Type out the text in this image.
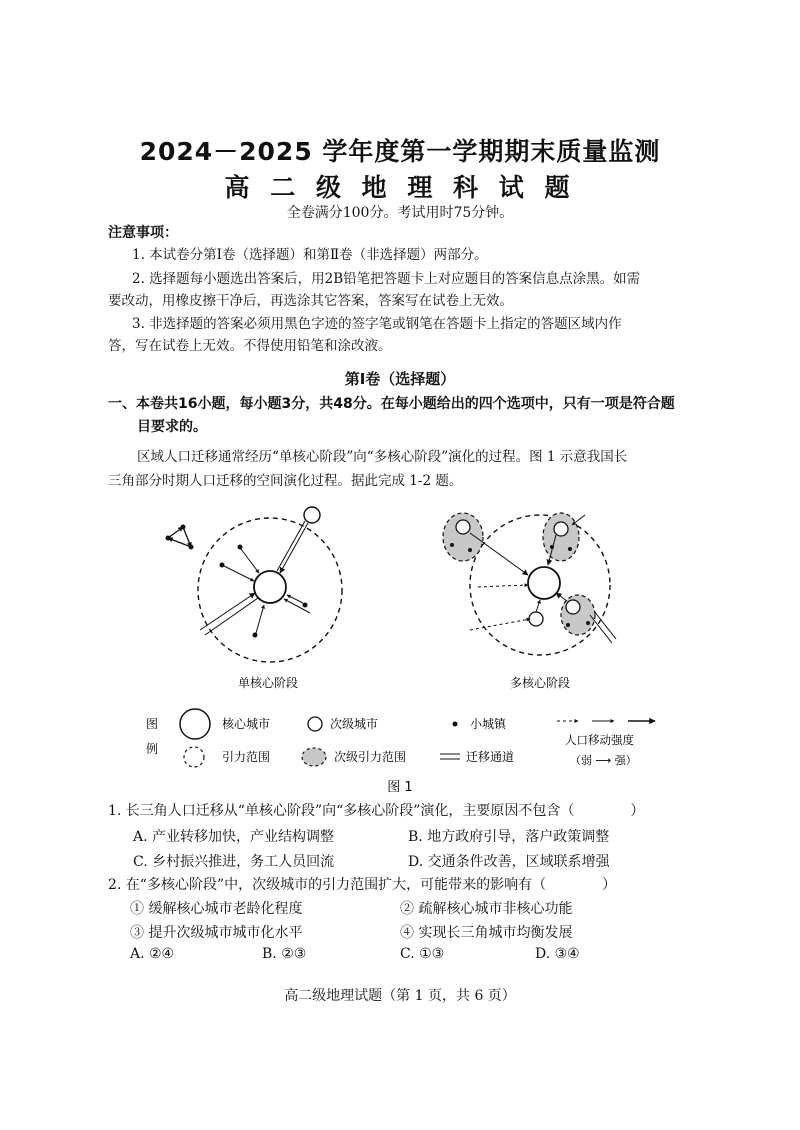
2024－2025 学年度第一学期期末质量监测
高 二 级 地 理 科 试 题
全卷满分100分。考试用时75分钟。
注意事项：
1. 本试卷分第Ⅰ卷（选择题）和第Ⅱ卷（非选择题）两部分。
2. 选择题每小题选出答案后，用2B铅笔把答题卡上对应题目的答案信息点涂黑。如需
要改动，用橡皮擦干净后，再选涂其它答案，答案写在试卷上无效。
3. 非选择题的答案必须用黑色字迹的签字笔或钢笔在答题卡上指定的答题区域内作
答，写在试卷上无效。不得使用铅笔和涂改液。
第Ⅰ卷（选择题）
一、本卷共16小题，每小题3分，共48分。在每小题给出的四个选项中，只有一项是符合题
目要求的。
区域人口迁移通常经历“单核心阶段”向“多核心阶段”演化的过程。图 1 示意我国长
三角部分时期人口迁移的空间演化过程。据此完成 1-2 题。
单核心阶段	多核心阶段
图
例
核心城市	次级城市	小城镇
人口移动强度
（弱 ⟶ 强）
引力范围	次级引力范围	迁移通道
图 1
1. 长三角人口迁移从“单核心阶段”向“多核心阶段”演化，主要原因不包含（　　　　）
A. 产业转移加快，产业结构调整	B. 地方政府引导，落户政策调整
C. 乡村振兴推进，务工人员回流	D. 交通条件改善，区域联系增强
2. 在“多核心阶段”中，次级城市的引力范围扩大，可能带来的影响有（　　　　）
① 缓解核心城市老龄化程度	② 疏解核心城市非核心功能
③ 提升次级城市城市化水平	④ 实现长三角城市均衡发展
A. ②④	B. ②③	C. ①③	D. ③④
高二级地理试题（第 1 页，共 6 页）
